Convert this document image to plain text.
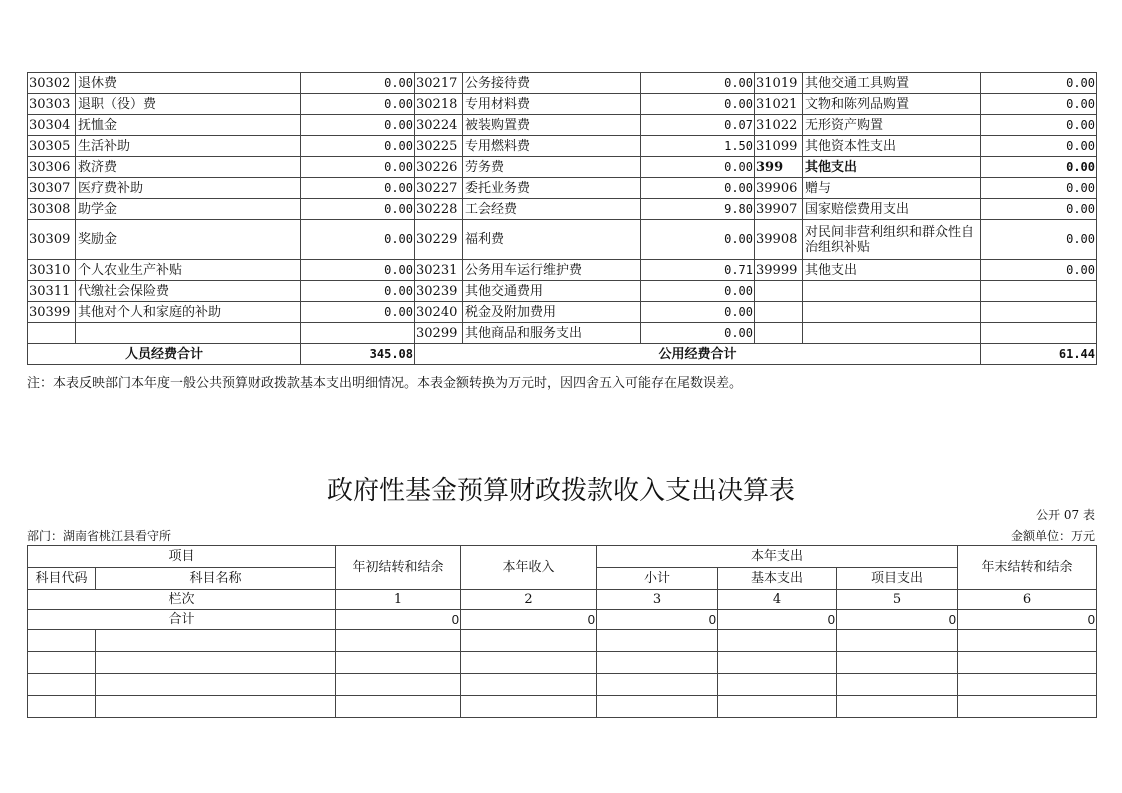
30302	退休费	0.00	30217	公务接待费	0.00	31019	其他交通工具购置	0.00
30303	退职（役）费	0.00	30218	专用材料费	0.00	31021	文物和陈列品购置	0.00
30304	抚恤金	0.00	30224	被装购置费	0.07	31022	无形资产购置	0.00
30305	生活补助	0.00	30225	专用燃料费	1.50	31099	其他资本性支出	0.00
30306	救济费	0.00	30226	劳务费	0.00	399	其他支出	0.00
30307	医疗费补助	0.00	30227	委托业务费	0.00	39906	赠与	0.00
30308	助学金	0.00	30228	工会经费	9.80	39907	国家赔偿费用支出	0.00
30309	奖励金	0.00	30229	福利费	0.00	39908	对民间非营利组织和群众性自治组织补贴	0.00
30310	个人农业生产补贴	0.00	30231	公务用车运行维护费	0.71	39999	其他支出	0.00
30311	代缴社会保险费	0.00	30239	其他交通费用	0.00			
30399	其他对个人和家庭的补助	0.00	30240	税金及附加费用	0.00			
			30299	其他商品和服务支出	0.00			
人员经费合计		345.08	公用经费合计					61.44
注：本表反映部门本年度一般公共预算财政拨款基本支出明细情况。本表金额转换为万元时，因四舍五入可能存在尾数误差。
政府性基金预算财政拨款收入支出决算表
公开 07 表
部门：湖南省桃江县看守所	金额单位：万元
项目		年初结转和结余	本年收入	本年支出			年末结转和结余
科目代码	科目名称			小计	基本支出	项目支出	
栏次		1	2	3	4	5	6
合计		0	0	0	0	0	0
